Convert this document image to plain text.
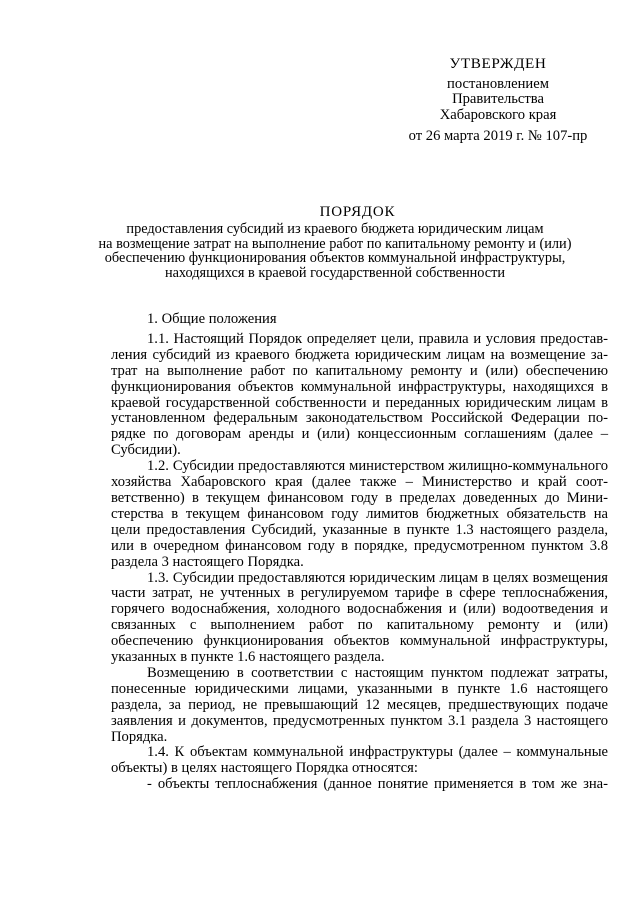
УТВЕРЖДЕН
постановлением
Правительства
Хабаровского края
от 26 марта 2019 г. № 107-пр
ПОРЯДОК
предоставления субсидий из краевого бюджета юридическим лицам
на возмещение затрат на выполнение работ по капитальному ремонту и (или)
обеспечению функционирования объектов коммунальной инфраструктуры,
находящихся в краевой государственной собственности
1. Общие положения

1.1. Настоящий Порядок определяет цели, правила и условия предоставления субсидий из краевого бюджета юридическим лицам на возмещение затрат на выполнение работ по капитальному ремонту и (или) обеспечению функционирования объектов коммунальной инфраструктуры, находящихся в краевой государственной собственности и переданных юридическим лицам в установленном федеральным законодательством Российской Федерации порядке по договорам аренды и (или) концессионным соглашениям (далее – Субсидии).

1.2. Субсидии предоставляются министерством жилищно-коммунального хозяйства Хабаровского края (далее также – Министерство и край соответственно) в текущем финансовом году в пределах доведенных до Министерства в текущем финансовом году лимитов бюджетных обязательств на цели предоставления Субсидий, указанные в пункте 1.3 настоящего раздела, или в очередном финансовом году в порядке, предусмотренном пунктом 3.8 раздела 3 настоящего Порядка.

1.3. Субсидии предоставляются юридическим лицам в целях возмещения части затрат, не учтенных в регулируемом тарифе в сфере теплоснабжения, горячего водоснабжения, холодного водоснабжения и (или) водоотведения и связанных с выполнением работ по капитальному ремонту и (или) обеспечению функционирования объектов коммунальной инфраструктуры, указанных в пункте 1.6 настоящего раздела.

Возмещению в соответствии с настоящим пунктом подлежат затраты, понесенные юридическими лицами, указанными в пункте 1.6 настоящего раздела, за период, не превышающий 12 месяцев, предшествующих подаче заявления и документов, предусмотренных пунктом 3.1 раздела 3 настоящего Порядка.

1.4. К объектам коммунальной инфраструктуры (далее – коммунальные объекты) в целях настоящего Порядка относятся:

- объекты теплоснабжения (данное понятие применяется в том же зна-
